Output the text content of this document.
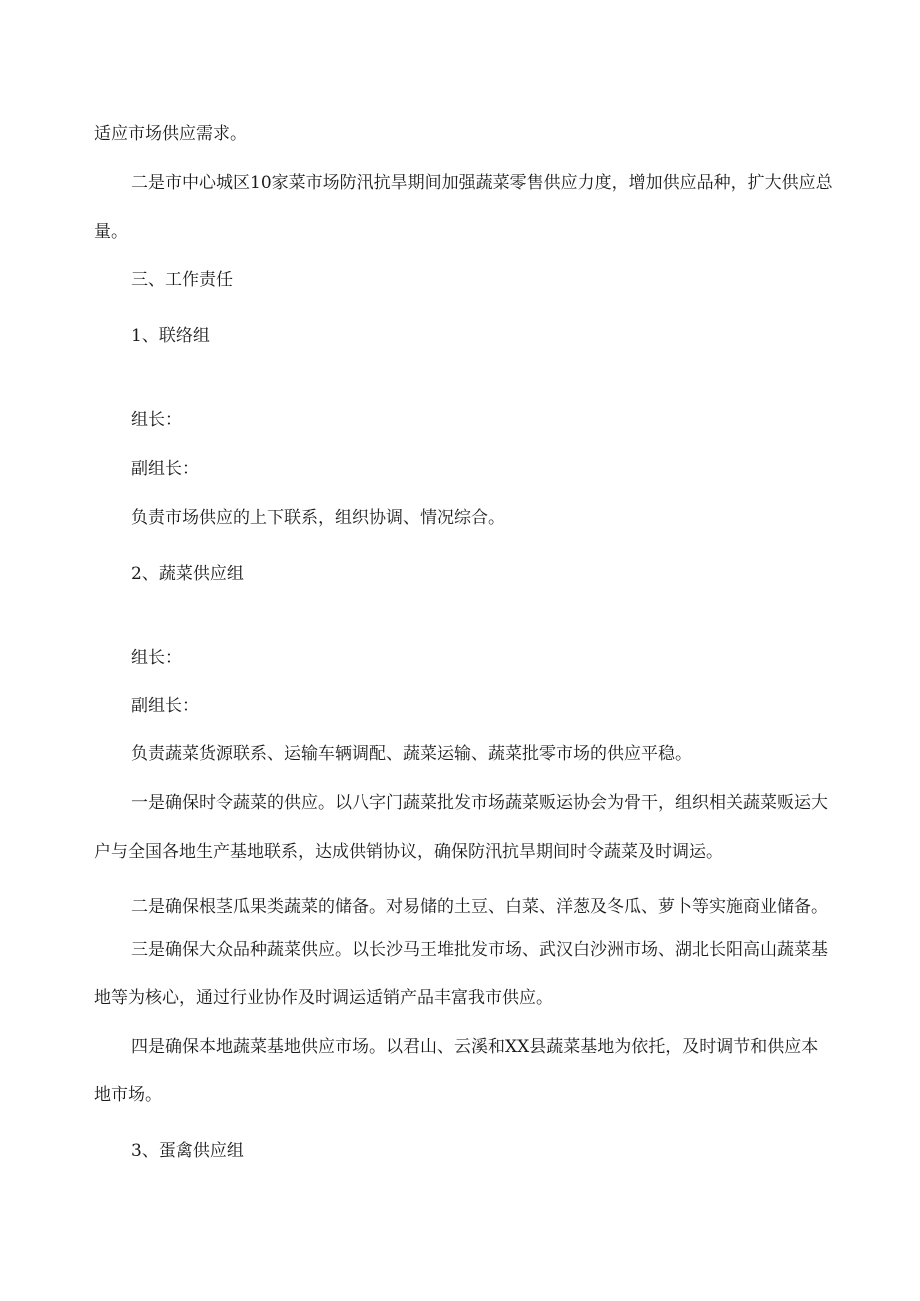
适应市场供应需求。
二是市中心城区10家菜市场防汛抗旱期间加强蔬菜零售供应力度，增加供应品种，扩大供应总
量。
三、工作责任
1、联络组
组长：
副组长：
负责市场供应的上下联系，组织协调、情况综合。
2、蔬菜供应组
组长：
副组长：
负责蔬菜货源联系、运输车辆调配、蔬菜运输、蔬菜批零市场的供应平稳。
一是确保时令蔬菜的供应。以八字门蔬菜批发市场蔬菜贩运协会为骨干，组织相关蔬菜贩运大
户与全国各地生产基地联系，达成供销协议，确保防汛抗旱期间时令蔬菜及时调运。
二是确保根茎瓜果类蔬菜的储备。对易储的土豆、白菜、洋葱及冬瓜、萝卜等实施商业储备。
三是确保大众品种蔬菜供应。以长沙马王堆批发市场、武汉白沙洲市场、湖北长阳高山蔬菜基
地等为核心，通过行业协作及时调运适销产品丰富我市供应。
四是确保本地蔬菜基地供应市场。以君山、云溪和XX县蔬菜基地为依托，及时调节和供应本
地市场。
3、蛋禽供应组
